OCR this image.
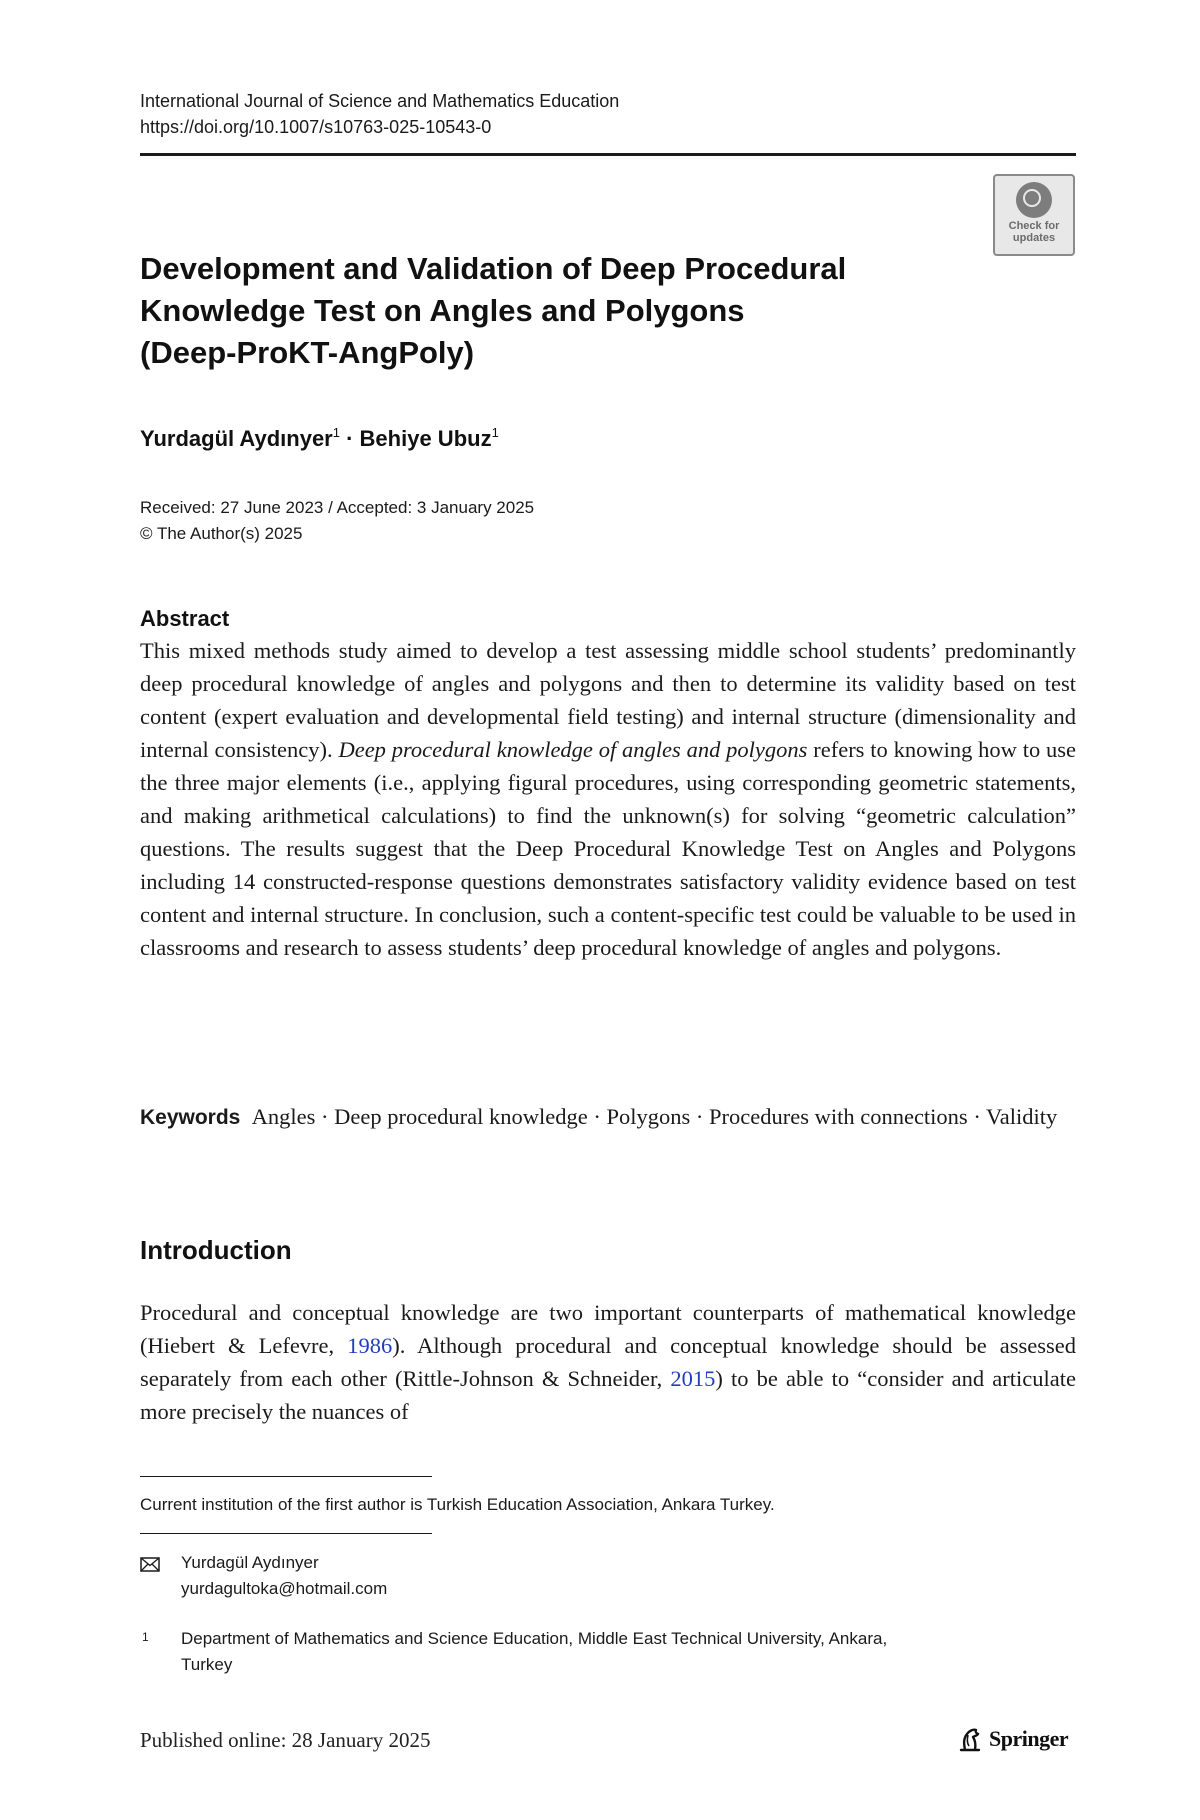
International Journal of Science and Mathematics Education
https://doi.org/10.1007/s10763-025-10543-0
Check for
updates
Development and Validation of Deep Procedural
Knowledge Test on Angles and Polygons
(Deep-ProKT-AngPoly)
Yurdagül Aydınyer$^1$ · Behiye Ubuz$^1$
Received: 27 June 2023 / Accepted: 3 January 2025
© The Author(s) 2025
Abstract
This mixed methods study aimed to develop a test assessing middle school students’ predominantly deep procedural knowledge of angles and polygons and then to determine its validity based on test content (expert evaluation and developmental field testing) and internal structure (dimensionality and internal consistency). Deep procedural knowledge of angles and polygons refers to knowing how to use the three major elements (i.e., applying figural procedures, using corresponding geometric statements, and making arithmetical calculations) to find the unknown(s) for solving “geometric calculation” questions. The results suggest that the Deep Procedural Knowledge Test on Angles and Polygons including 14 constructed-response questions demonstrates satisfactory validity evidence based on test content and internal structure. In conclusion, such a content-specific test could be valuable to be used in classrooms and research to assess students’ deep procedural knowledge of angles and polygons.
Keywords Angles · Deep procedural knowledge · Polygons · Procedures with connections · Validity
Introduction
Procedural and conceptual knowledge are two important counterparts of mathematical knowledge (Hiebert & Lefevre, 1986). Although procedural and conceptual knowledge should be assessed separately from each other (Rittle-Johnson & Schneider, 2015) to be able to “consider and articulate more precisely the nuances of
Current institution of the first author is Turkish Education Association, Ankara Turkey.
Yurdagül Aydınyer
yurdagultoka@hotmail.com
1 Department of Mathematics and Science Education, Middle East Technical University, Ankara,
Turkey
Published online: 28 January 2025	Springer
